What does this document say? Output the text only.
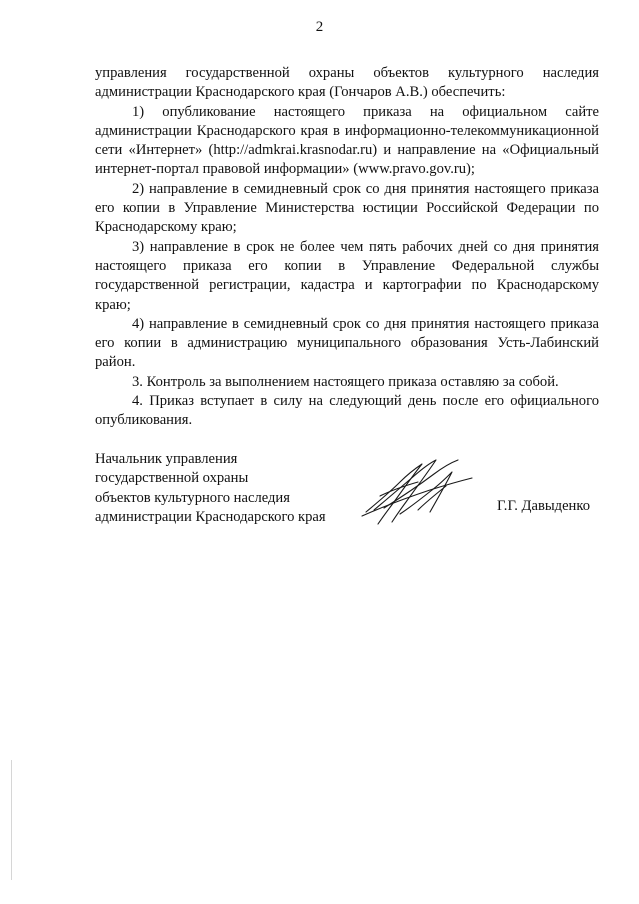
2

управления государственной охраны объектов культурного наследия администрации Краснодарского края (Гончаров А.В.) обеспечить:

1) опубликование настоящего приказа на официальном сайте администрации Краснодарского края в информационно-телекоммуникационной сети «Интернет» (http://admkrai.krasnodar.ru) и направление на «Официальный интернет-портал правовой информации» (www.pravo.gov.ru);

2) направление в семидневный срок со дня принятия настоящего приказа его копии в Управление Министерства юстиции Российской Федерации по Краснодарскому краю;

3) направление в срок не более чем пять рабочих дней со дня принятия настоящего приказа его копии в Управление Федеральной службы государственной регистрации, кадастра и картографии по Краснодарскому краю;

4) направление в семидневный срок со дня принятия настоящего приказа его копии в администрацию муниципального образования Усть-Лабинский район.

3. Контроль за выполнением настоящего приказа оставляю за собой.

4. Приказ вступает в силу на следующий день после его официального опубликования.

Начальник управления
государственной охраны
объектов культурного наследия
администрации Краснодарского края
Г.Г. Давыденко
